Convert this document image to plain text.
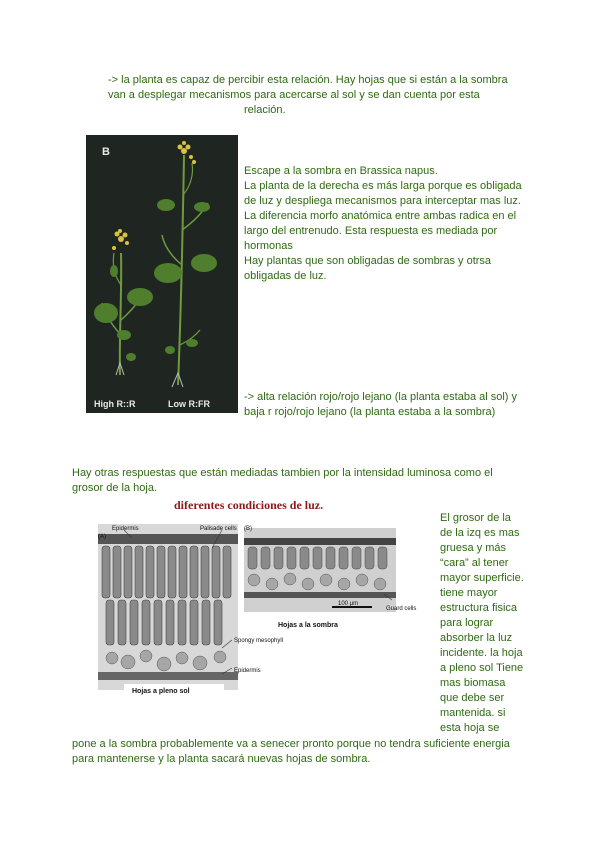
-> la planta es capaz de percibir esta relación. Hay hojas que si están a la sombra
van a desplegar mecanismos para acercarse al sol y se dan cuenta por esta
relación.
B
High R::R	Low R:FR
Escape a la sombra en Brassica napus.
La planta de la derecha es más larga porque es obligada
de luz y despliega mecanismos para interceptar mas luz.
La diferencia morfo anatómica entre ambas radica en el
largo del entrenudo. Esta respuesta es mediada por
hormonas
Hay plantas que son obligadas de sombras y otrsa
obligadas de luz.
-> alta relación rojo/rojo lejano (la planta estaba al sol) y
baja r rojo/rojo lejano (la planta estaba a la sombra)
Hay otras respuestas que están mediadas tambien por la intensidad luminosa como el
grosor de la hoja.
diferentes condiciones de luz.
(A)
Epidermis	Palisade cells (B)
Spongy mesophyll
Epidermis
Guard cells
100 μm
Hojas a pleno sol
Hojas a la sombra
El grosor de la
de la izq es mas
gruesa y más
“cara” al tener
mayor superficie.
tiene mayor
estructura fisica
para lograr
absorber la luz
incidente. la hoja
a pleno sol Tiene
mas biomasa
que debe ser
mantenida. si
esta hoja se
pone a la sombra probablemente va a senecer pronto porque no tendra suficiente energia
para mantenerse y la planta sacará nuevas hojas de sombra.
